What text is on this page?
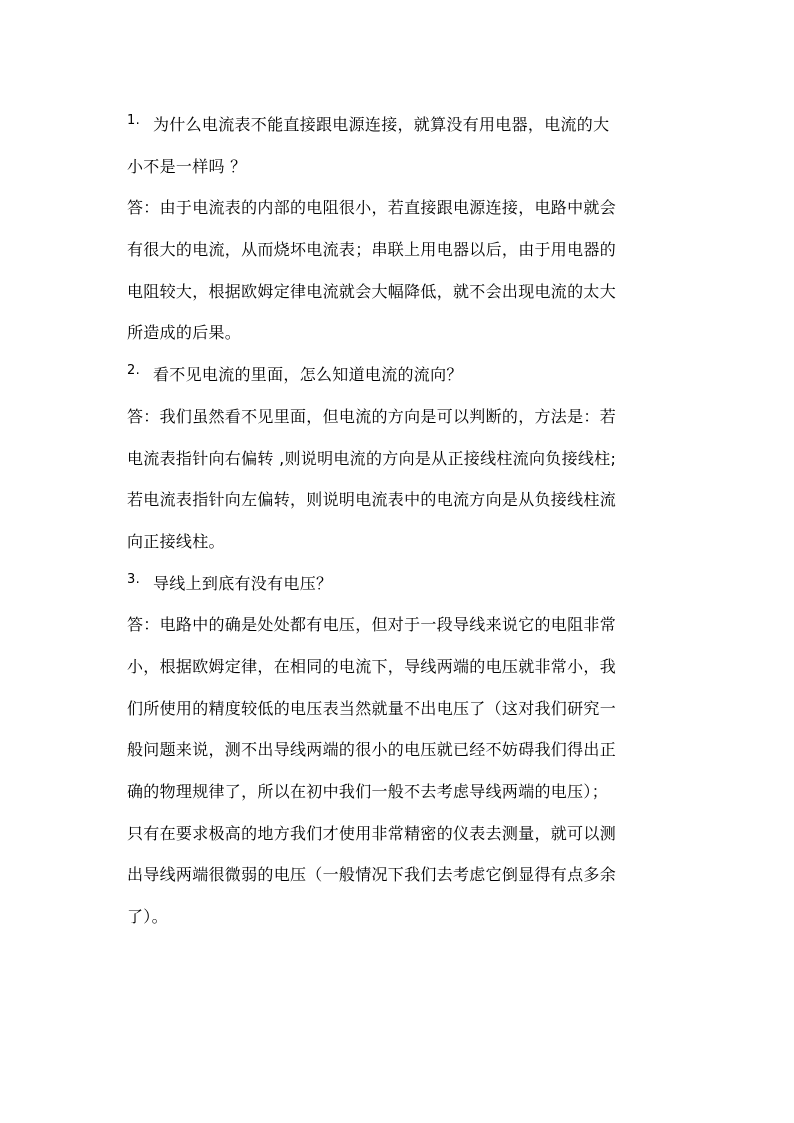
1. 为什么电流表不能直接跟电源连接，就算没有用电器，电流的大
小不是一样吗 ？
答：由于电流表的内部的电阻很小，若直接跟电源连接，电路中就会
有很大的电流，从而烧坏电流表；串联上用电器以后，由于用电器的
电阻较大，根据欧姆定律电流就会大幅降低，就不会出现电流的太大
所造成的后果。
2. 看不见电流的里面，怎么知道电流的流向？
答：我们虽然看不见里面，但电流的方向是可以判断的，方法是：若
电流表指针向右偏转 ,则说明电流的方向是从正接线柱流向负接线柱;
若电流表指针向左偏转，则说明电流表中的电流方向是从负接线柱流
向正接线柱。
3. 导线上到底有没有电压？
答：电路中的确是处处都有电压，但对于一段导线来说它的电阻非常
小，根据欧姆定律，在相同的电流下，导线两端的电压就非常小，我
们所使用的精度较低的电压表当然就量不出电压了（这对我们研究一
般问题来说，测不出导线两端的很小的电压就已经不妨碍我们得出正
确的物理规律了，所以在初中我们一般不去考虑导线两端的电压）；
只有在要求极高的地方我们才使用非常精密的仪表去测量，就可以测
出导线两端很微弱的电压（一般情况下我们去考虑它倒显得有点多余
了）。
